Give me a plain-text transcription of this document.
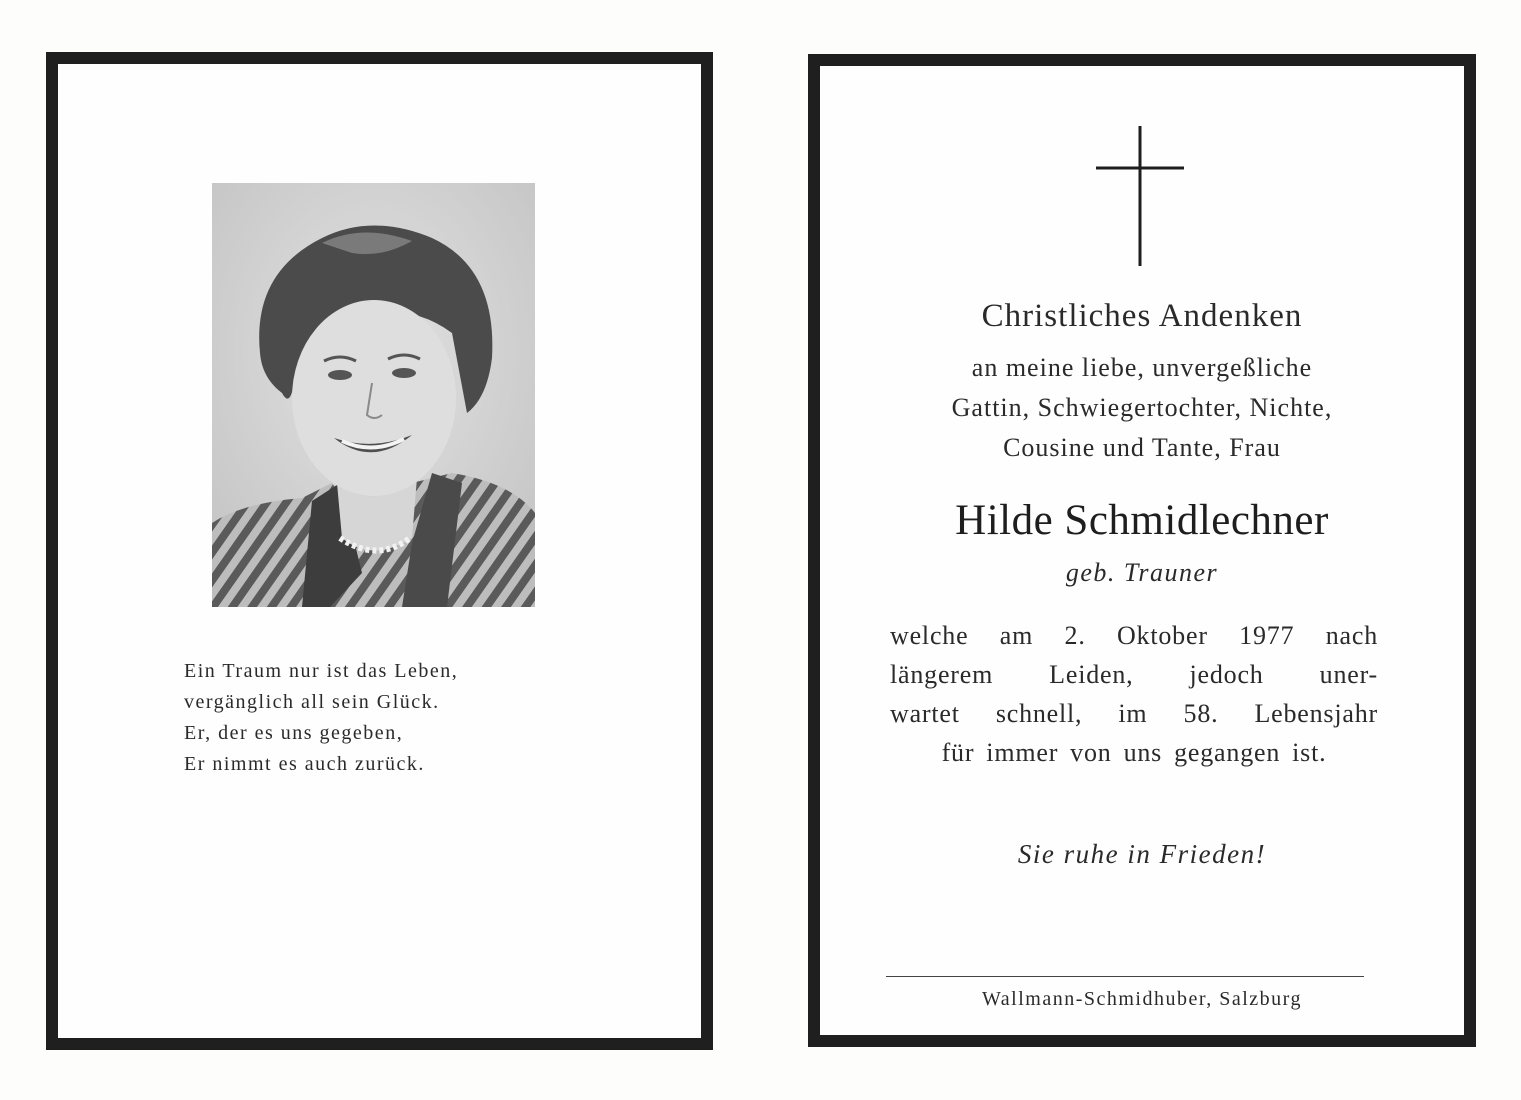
Ein Traum nur ist das Leben,
vergänglich all sein Glück.
Er, der es uns gegeben,
Er nimmt es auch zurück.
Christliches Andenken
an meine liebe, unvergeßliche
Gattin, Schwiegertochter, Nichte,
Cousine und Tante, Frau
Hilde Schmidlechner
geb. Trauner
welche am 2. Oktober 1977 nach
längerem Leiden, jedoch uner-
wartet schnell, im 58. Lebensjahr
für immer von uns gegangen ist.
Sie ruhe in Frieden!
Wallmann-Schmidhuber, Salzburg
